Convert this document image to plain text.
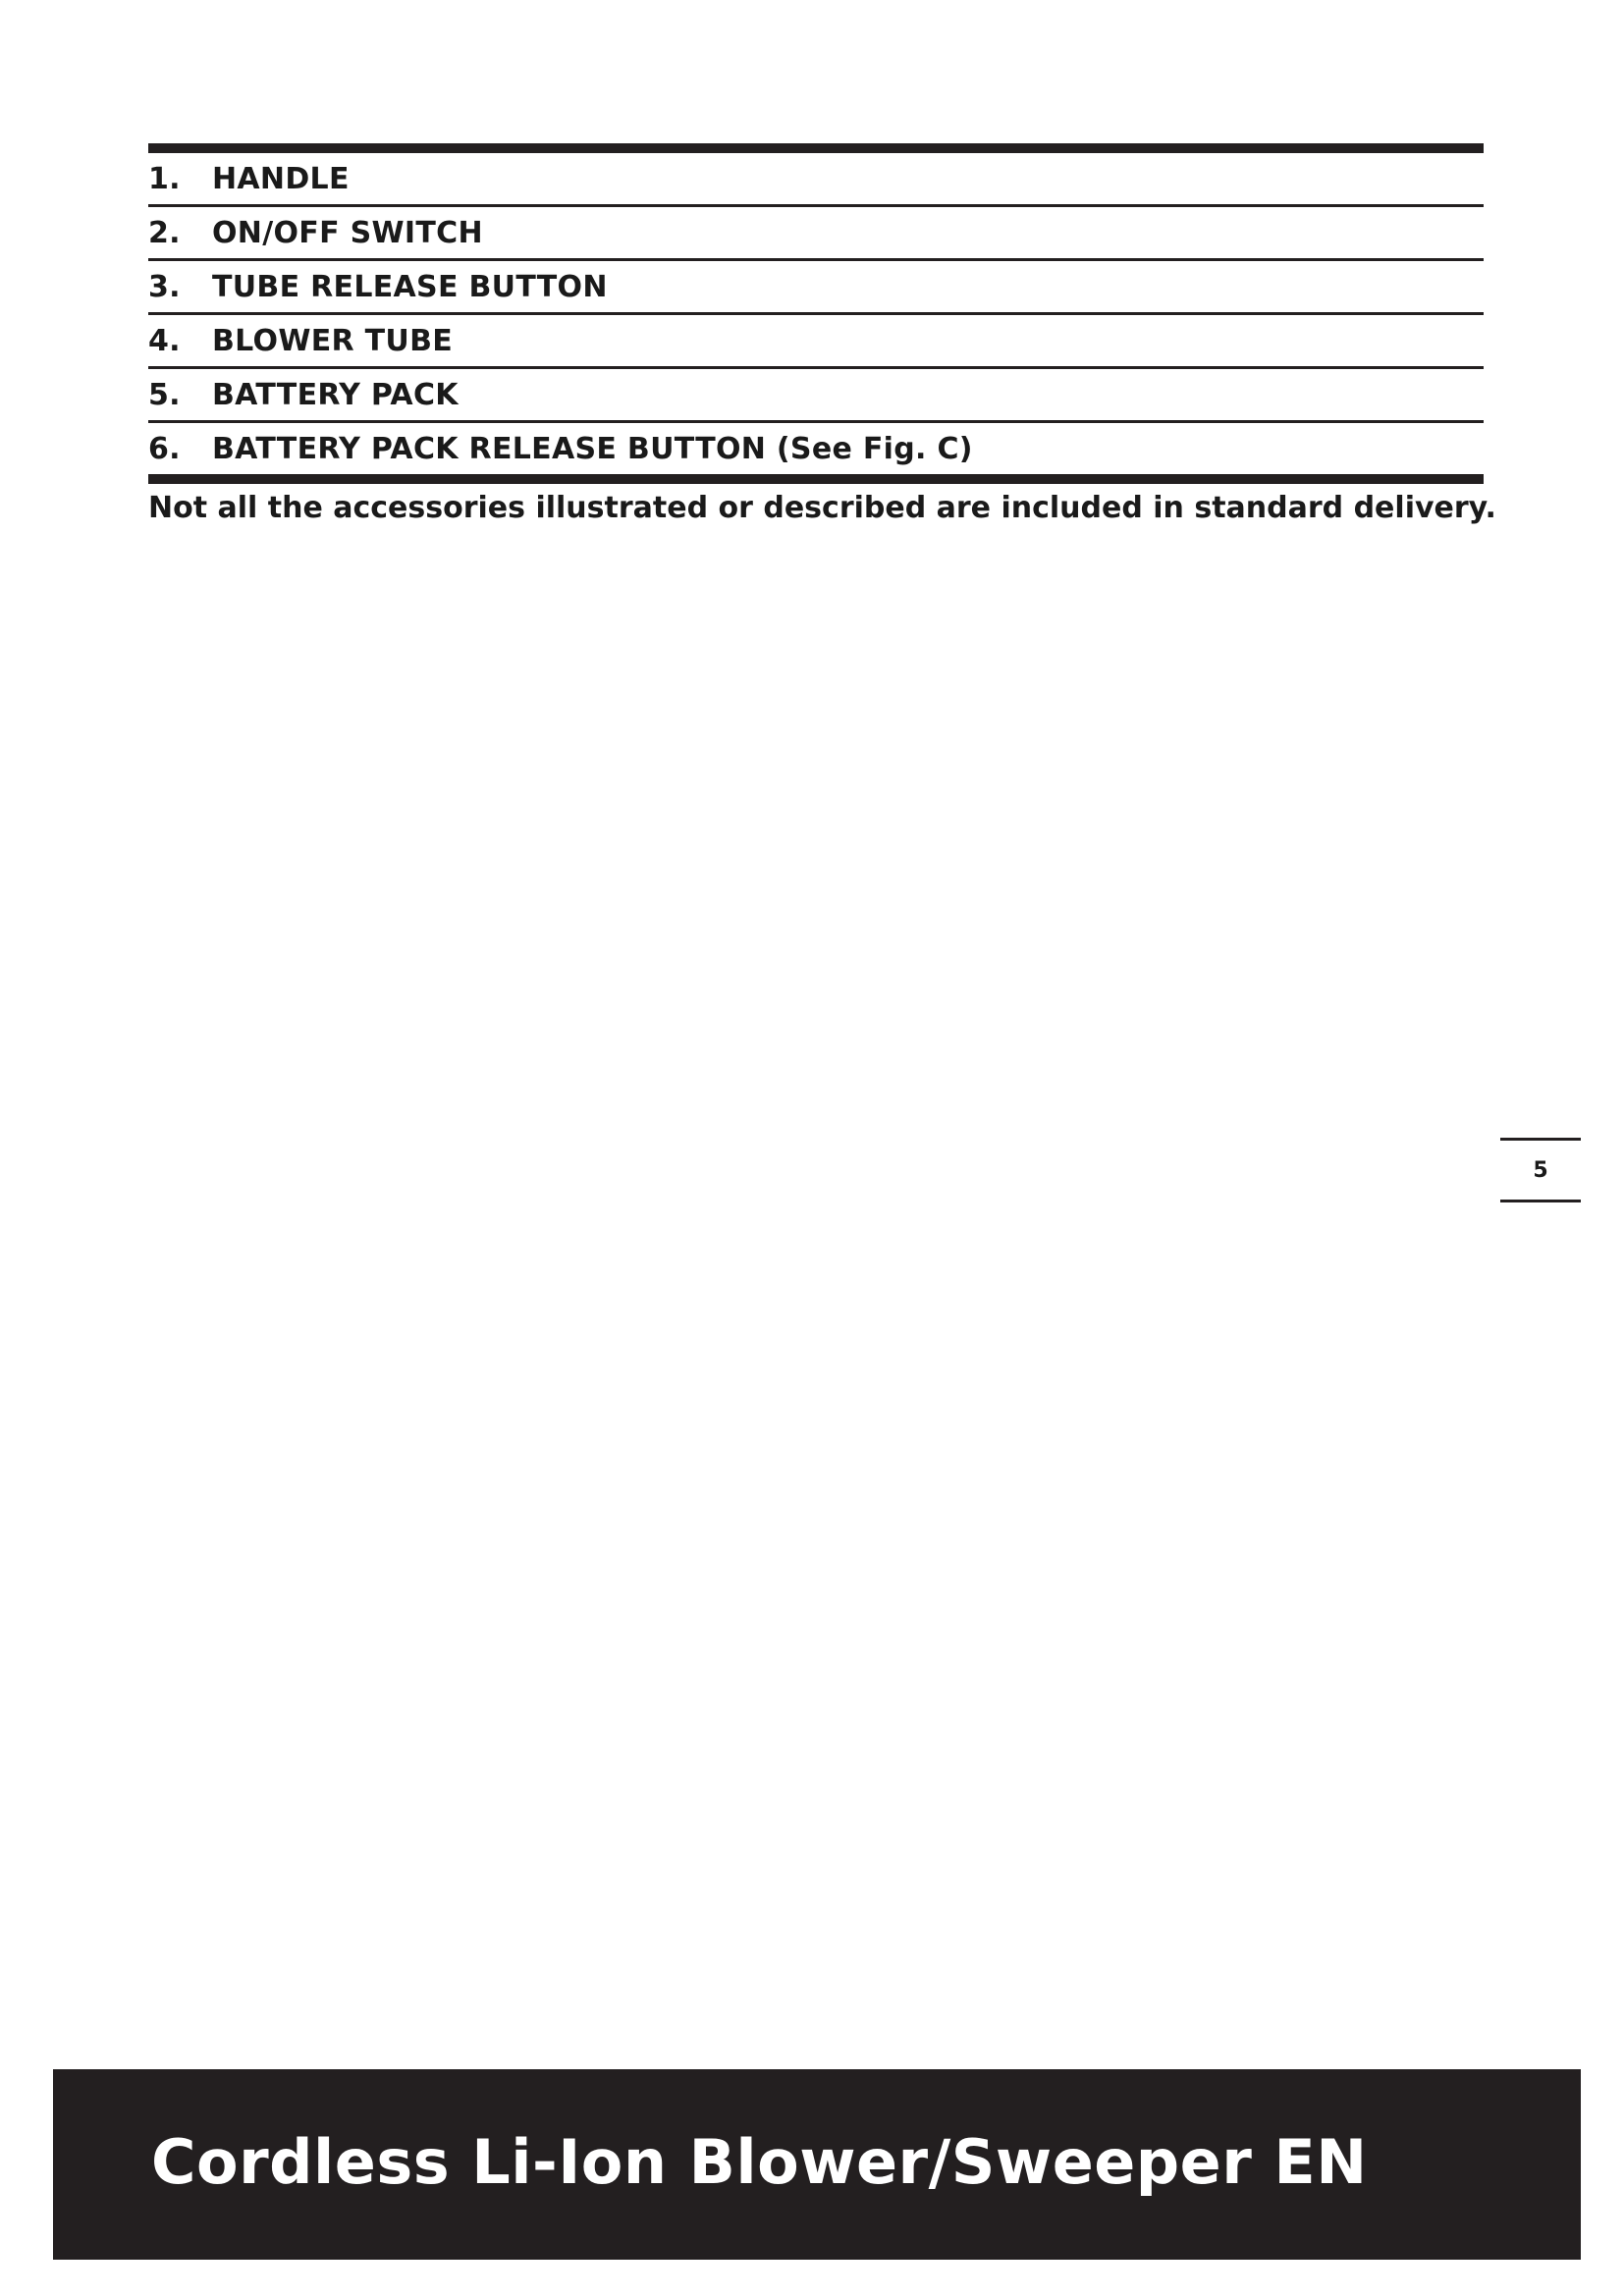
1.	HANDLE
2.	ON/OFF SWITCH
3.	TUBE RELEASE BUTTON
4.	BLOWER TUBE
5.	BATTERY PACK
6.	BATTERY PACK RELEASE BUTTON (See Fig. C)
Not all the accessories illustrated or described are included in standard delivery.
5
Cordless Li-Ion Blower/Sweeper EN
